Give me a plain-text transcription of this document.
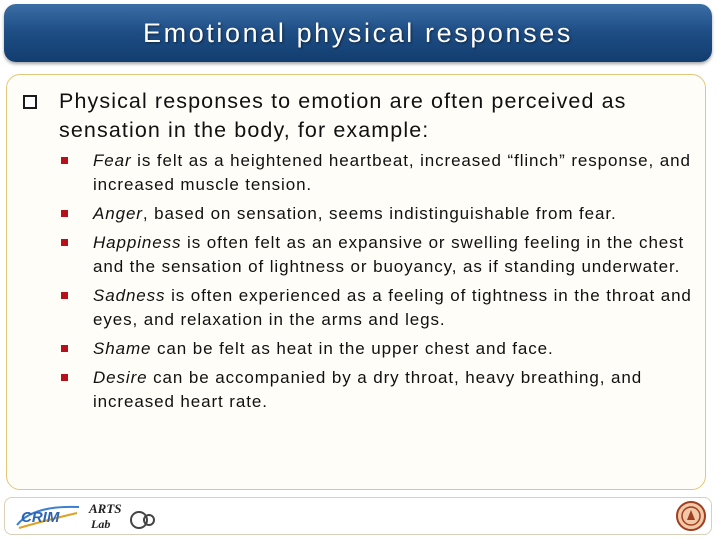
Emotional physical responses
Physical responses to emotion are often perceived as sensation in the body, for example:
Fear is felt as a heightened heartbeat, increased “flinch” response, and increased muscle tension.
Anger, based on sensation, seems indistinguishable from fear.
Happiness is often felt as an expansive or swelling feeling in the chest and the sensation of lightness or buoyancy, as if standing underwater.
Sadness is often experienced as a feeling of tightness in the throat and eyes, and relaxation in the arms and legs.
Shame can be felt as heat in the upper chest and face.
Desire can be accompanied by a dry throat, heavy breathing, and increased heart rate.
CRIM
ARTS
Lab
